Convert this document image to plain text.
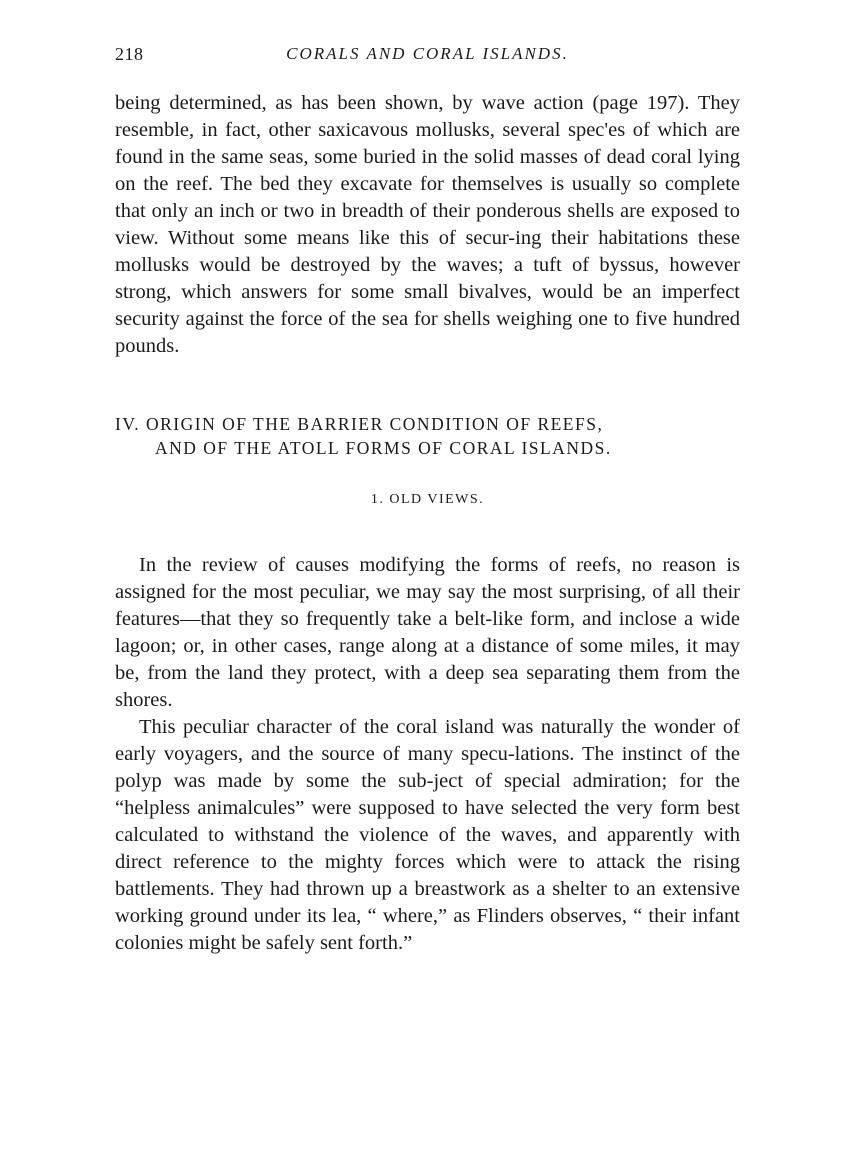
218	CORALS AND CORAL ISLANDS.

being determined, as has been shown, by wave action (page 197). They resemble, in fact, other saxicavous mollusks, several spec'es of which are found in the same seas, some buried in the solid masses of dead coral lying on the reef. The bed they excavate for themselves is usually so complete that only an inch or two in breadth of their ponderous shells are exposed to view. Without some means like this of secur-ing their habitations these mollusks would be destroyed by the waves; a tuft of byssus, however strong, which answers for some small bivalves, would be an imperfect security against the force of the sea for shells weighing one to five hundred pounds.

IV. ORIGIN OF THE BARRIER CONDITION OF REEFS,
AND OF THE ATOLL FORMS OF CORAL ISLANDS.
1. OLD VIEWS.

In the review of causes modifying the forms of reefs, no reason is assigned for the most peculiar, we may say the most surprising, of all their features—that they so frequently take a belt-like form, and inclose a wide lagoon; or, in other cases, range along at a distance of some miles, it may be, from the land they protect, with a deep sea separating them from the shores.

This peculiar character of the coral island was naturally the wonder of early voyagers, and the source of many specu-lations. The instinct of the polyp was made by some the sub-ject of special admiration; for the “helpless animalcules” were supposed to have selected the very form best calculated to withstand the violence of the waves, and apparently with direct reference to the mighty forces which were to attack the rising battlements. They had thrown up a breastwork as a shelter to an extensive working ground under its lea, “ where,” as Flinders observes, “ their infant colonies might be safely sent forth.”
